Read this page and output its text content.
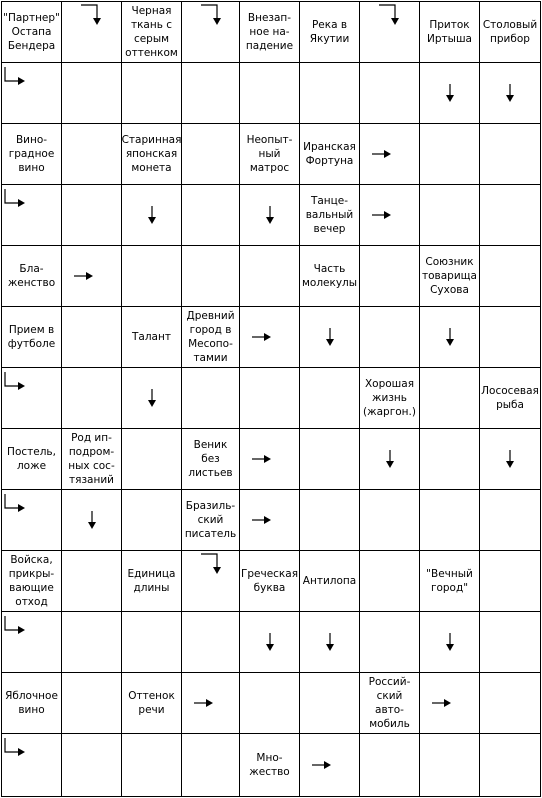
"Партнер" Остапа Бендера
Черная ткань с серым оттенком
Внезап-ное на-падение
Река в Якутии
Приток Иртыша
Столовый прибор
Вино-градное вино
Старинная японская монета
Неопыт-ный матрос
Иранская Фортуна
Танце-вальный вечер
Бла-женство
Часть молекулы
Союзник товарища Сухова
Прием в футболе
Талант
Древний город в Месопо-тамии
Хорошая жизнь (жаргон.)
Лососевая рыба
Постель, ложе
Род ип-подром-ных сос-тязаний
Веник без листьев
Бразиль-ский писатель
Войска, прикры-вающие отход
Единица длины
Греческая буква
Антилопа
"Вечный город"
Яблочное вино
Оттенок речи
Россий-ский авто-мобиль
Мно-жество
